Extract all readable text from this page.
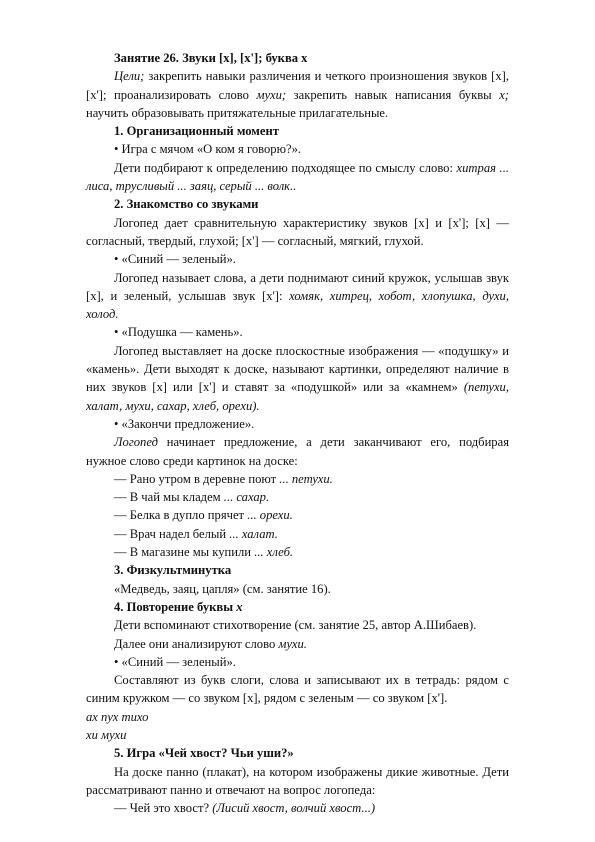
Занятие 26. Звуки [х], [х']; буква х

Цели; закрепить навыки различения и четкого произношения звуков [х], [х']; проанализировать слово мухи; закрепить навык написания буквы х; научить образовывать притяжательные прилагательные.

1. Организационный момент

• Игра с мячом «О ком я говорю?».

Дети подбирают к определению подходящее по смыслу слово: хитрая ... лиса, трусливый ... заяц, серый ... волк..

2. Знакомство со звуками

Логопед дает сравнительную характеристику звуков [х] и [х']; [х] — согласный, твердый, глухой; [х'] — согласный, мягкий, глухой.

• «Синий — зеленый».

Логопед называет слова, а дети поднимают синий кружок, услышав звук [х], и зеленый, услышав звук [х']: хомяк, хитрец, хобот, хлопушка, духи, холод.

• «Подушка — камень».

Логопед выставляет на доске плоскостные изображения — «подушку» и «камень». Дети выходят к доске, называют картинки, определяют наличие в них звуков [х] или [х'] и ставят за «подушкой» или за «камнем» (петухи, халат, мухи, сахар, хлеб, орехи).

• «Закончи предложение».

Логопед начинает предложение, а дети заканчивают его, подбирая нужное слово среди картинок на доске:

— Рано утром в деревне поют ... петухи.

— В чай мы кладем ... сахар.

— Белка в дупло прячет ... орехи.

— Врач надел белый ... халат.

— В магазине мы купили ... хлеб.

3. Физкультминутка

«Медведь, заяц, цапля» (см. занятие 16).

4. Повторение буквы х

Дети вспоминают стихотворение (см. занятие 25, автор А.Шибаев).

Далее они анализируют слово мухи.

• «Синий — зеленый».

Составляют из букв слоги, слова и записывают их в тетрадь: рядом с синим кружком — со звуком [х], рядом с зеленым — со звуком [х'].

ах пух тихо

хи мухи

5. Игра «Чей хвост? Чьи уши?»

На доске панно (плакат), на котором изображены дикие животные. Дети рассматривают панно и отвечают на вопрос логопеда:

— Чей это хвост? (Лисий хвост, волчий хвост...)
